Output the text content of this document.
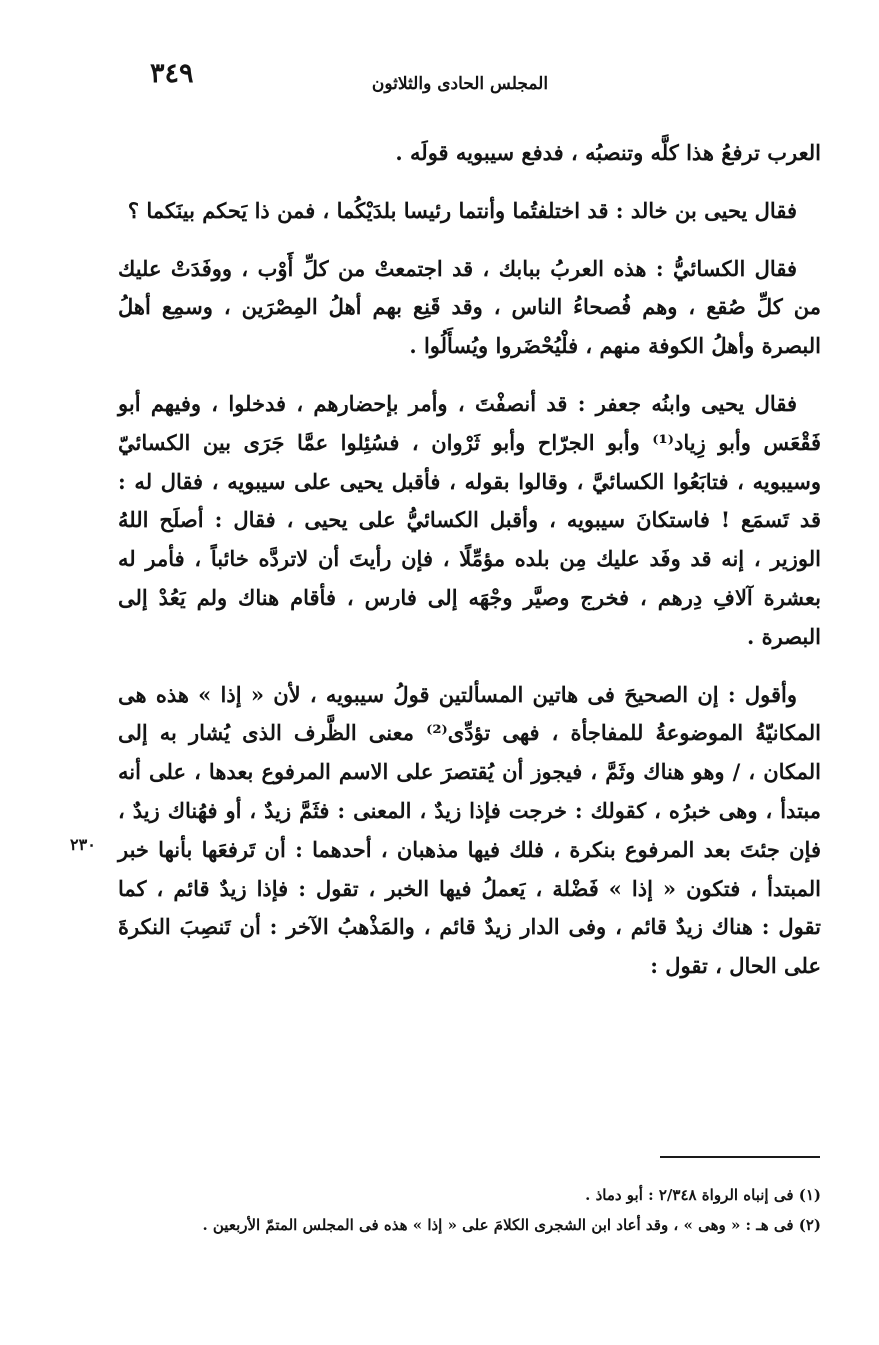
٣٤٩	المجلس الحادى والثلاثون

العرب ترفعُ هذا كلَّه وتنصبُه ، فدفع سيبويه قولَه .

فقال يحيى بن خالد : قد اختلفتُما وأنتما رئيسا بلدَيْكُما ، فمن ذا يَحكم بينَكما ؟

فقال الكسائيُّ : هذه العربُ ببابك ، قد اجتمعتْ من كلِّ أَوْب ، ووفَدَتْ عليك من كلِّ صُقع ، وهم فُصحاءُ الناس ، وقد قَنِع بهم أهلُ المِصْرَين ، وسمِع أهلُ البصرة وأهلُ الكوفة منهم ، فلْيُحْضَروا ويُسأَلُوا .

فقال يحيى وابنُه جعفر : قد أنصفْتَ ، وأمر بإحضارهم ، فدخلوا ، وفيهم أبو فَقْعَس وأبو زِياد⁽¹⁾ وأبو الجرّاح وأبو ثَرْوان ، فسُئِلوا عمَّا جَرَى بين الكسائيّ وسيبويه ، فتابَعُوا الكسائيَّ ، وقالوا بقوله ، فأقبل يحيى على سيبويه ، فقال له : قد تَسمَع ! فاستكانَ سيبويه ، وأقبل الكسائيُّ على يحيى ، فقال : أصلَح اللهُ الوزير ، إنه قد وفَد عليك مِن بلده مؤمِّلًا ، فإن رأيتَ أن لاتردَّه خائباً ، فأمر له بعشرة آلافِ دِرهم ، فخرج وصيَّر وجْهَه إلى فارس ، فأقام هناك ولم يَعُدْ إلى البصرة .

وأقول : إن الصحيحَ فى هاتين المسألتين قولُ سيبويه ، لأن « إذا » هذه هى المكانيّةُ الموضوعةُ للمفاجأة ، فهى تؤدِّى⁽²⁾ معنى الظَّرف الذى يُشار به إلى المكان ، / وهو هناك وثَمَّ ، فيجوز أن يُقتصرَ على الاسم المرفوع بعدها ، على أنه مبتدأ ، وهى خبرُه ، كقولك : خرجت فإذا زيدٌ ، المعنى : فثَمَّ زيدٌ ، أو فهُناك زيدٌ ، فإن جئتَ بعد المرفوع بنكرة ، فلك فيها مذهبان ، أحدهما : أن تَرفعَها بأنها خبر المبتدأ ، فتكون « إذا » فَضْلة ، يَعملُ فيها الخبر ، تقول : فإذا زيدٌ قائم ، كما تقول : هناك زيدٌ قائم ، وفى الدار زيدٌ قائم ، والمَذْهبُ الآخر : أن تَنصِبَ النكرةَ على الحال ، تقول :

٢٣٠

(١) فى إنباه الرواة ٢/٣٤٨ : أبو دماذ .

(٢) فى هـ : « وهى » ، وقد أعاد ابن الشجرى الكلامَ على « إذا » هذه فى المجلس المتمّ الأربعين .
